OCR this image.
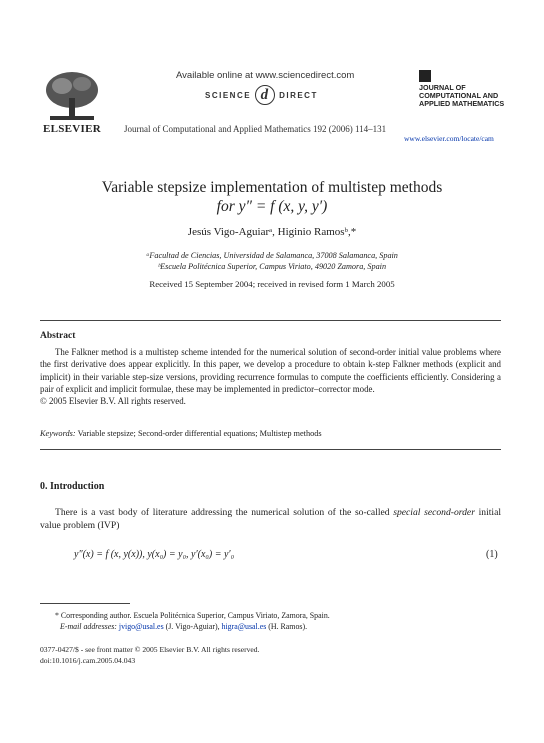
ELSEVIER
Available online at www.sciencedirect.com
SCIENCE d	DIRECT
Journal of Computational and Applied Mathematics 192 (2006) 114–131
JOURNAL OF
COMPUTATIONAL AND
APPLIED MATHEMATICS
www.elsevier.com/locate/cam
Variable stepsize implementation of multistep methods
for y″ = f (x, y, y′)
Jesús Vigo-Aguiarᵃ, Higinio Ramosᵇ,*
ᵃFacultad de Ciencias, Universidad de Salamanca, 37008 Salamanca, Spain
ᵇEscuela Politécnica Superior, Campus Viriato, 49020 Zamora, Spain
Received 15 September 2004; received in revised form 1 March 2005
Abstract

The Falkner method is a multistep scheme intended for the numerical solution of second-order initial value problems where the first derivative does appear explicitly. In this paper, we develop a procedure to obtain k-step Falkner methods (explicit and implicit) in their variable step-size versions, providing recurrence formulas to compute the coefficients efficiently. Considering a pair of explicit and implicit formulae, these may be implemented in predictor–corrector mode.

© 2005 Elsevier B.V. All rights reserved.
Keywords: Variable stepsize; Second-order differential equations; Multistep methods
0. Introduction
There is a vast body of literature addressing the numerical solution of the so-called special second-order initial value problem (IVP)
y″(x) = f (x, y(x)), y(x₀) = y₀, y′(x₀) = y′₀	(1)
* Corresponding author. Escuela Politécnica Superior, Campus Viriato, Zamora, Spain.
E-mail addresses: jvigo@usal.es (J. Vigo-Aguiar), higra@usal.es (H. Ramos).
0377-0427/$ - see front matter © 2005 Elsevier B.V. All rights reserved.
doi:10.1016/j.cam.2005.04.043
